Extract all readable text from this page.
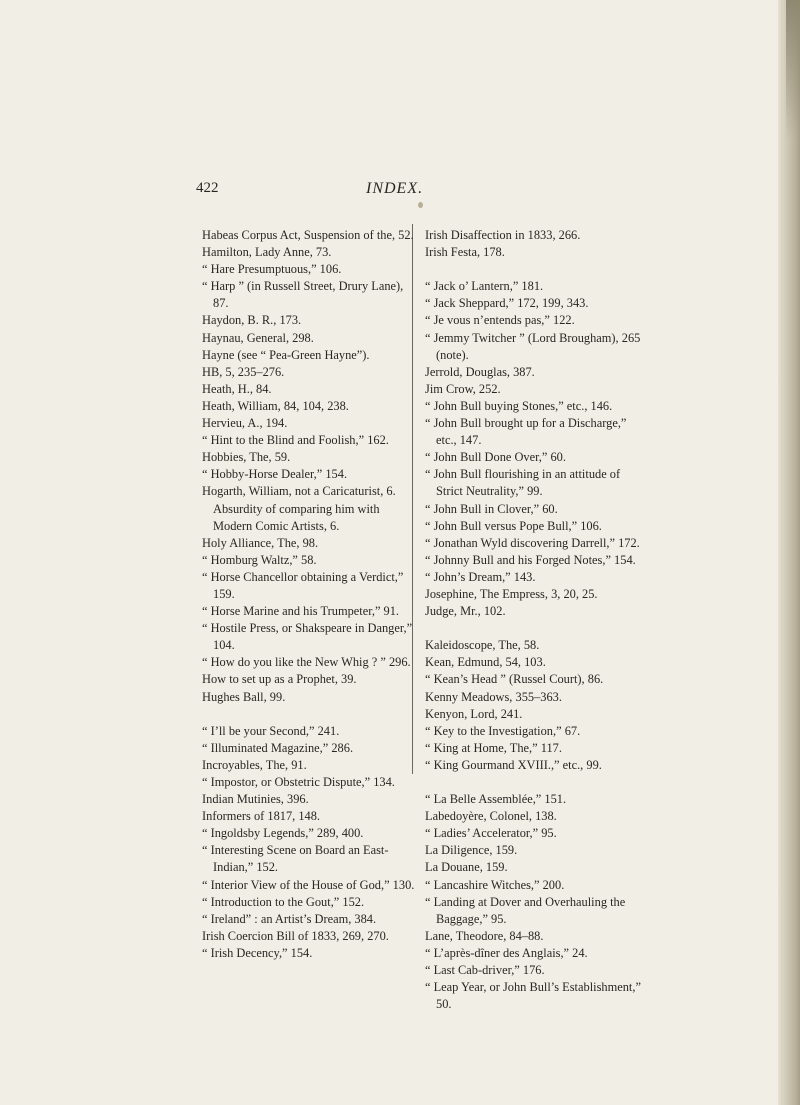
422	INDEX.
Habeas Corpus Act, Suspension of the, 52.
Hamilton, Lady Anne, 73.
“ Hare Presumptuous,” 106.
“ Harp ” (in Russell Street, Drury Lane), 87.
Haydon, B. R., 173.
Haynau, General, 298.
Hayne (see “ Pea-Green Hayne”).
HB, 5, 235–276.
Heath, H., 84.
Heath, William, 84, 104, 238.
Hervieu, A., 194.
“ Hint to the Blind and Foolish,” 162.
Hobbies, The, 59.
“ Hobby-Horse Dealer,” 154.
Hogarth, William, not a Caricaturist, 6. Absurdity of comparing him with Modern Comic Artists, 6.
Holy Alliance, The, 98.
“ Homburg Waltz,” 58.
“ Horse Chancellor obtaining a Verdict,” 159.
“ Horse Marine and his Trumpeter,” 91.
“ Hostile Press, or Shakspeare in Danger,” 104.
“ How do you like the New Whig ? ” 296.
How to set up as a Prophet, 39.
Hughes Ball, 99.
“ I’ll be your Second,” 241.
“ Illuminated Magazine,” 286.
Incroyables, The, 91.
“ Impostor, or Obstetric Dispute,” 134.
Indian Mutinies, 396.
Informers of 1817, 148.
“ Ingoldsby Legends,” 289, 400.
“ Interesting Scene on Board an East-Indian,” 152.
“ Interior View of the House of God,” 130.
“ Introduction to the Gout,” 152.
“ Ireland” : an Artist’s Dream, 384.
Irish Coercion Bill of 1833, 269, 270.
“ Irish Decency,” 154.
Irish Disaffection in 1833, 266.
Irish Festa, 178.
“ Jack o’ Lantern,” 181.
“ Jack Sheppard,” 172, 199, 343.
“ Je vous n’entends pas,” 122.
“ Jemmy Twitcher ” (Lord Brougham), 265 (note).
Jerrold, Douglas, 387.
Jim Crow, 252.
“ John Bull buying Stones,” etc., 146.
“ John Bull brought up for a Discharge,” etc., 147.
“ John Bull Done Over,” 60.
“ John Bull flourishing in an attitude of Strict Neutrality,” 99.
“ John Bull in Clover,” 60.
“ John Bull versus Pope Bull,” 106.
“ Jonathan Wyld discovering Darrell,” 172.
“ Johnny Bull and his Forged Notes,” 154.
“ John’s Dream,” 143.
Josephine, The Empress, 3, 20, 25.
Judge, Mr., 102.
Kaleidoscope, The, 58.
Kean, Edmund, 54, 103.
“ Kean’s Head ” (Russel Court), 86.
Kenny Meadows, 355–363.
Kenyon, Lord, 241.
“ Key to the Investigation,” 67.
“ King at Home, The,” 117.
“ King Gourmand XVIII.,” etc., 99.
“ La Belle Assemblée,” 151.
Labedoyère, Colonel, 138.
“ Ladies’ Accelerator,” 95.
La Diligence, 159.
La Douane, 159.
“ Lancashire Witches,” 200.
“ Landing at Dover and Overhauling the Baggage,” 95.
Lane, Theodore, 84–88.
“ L’après-dîner des Anglais,” 24.
“ Last Cab-driver,” 176.
“ Leap Year, or John Bull’s Establishment,” 50.
